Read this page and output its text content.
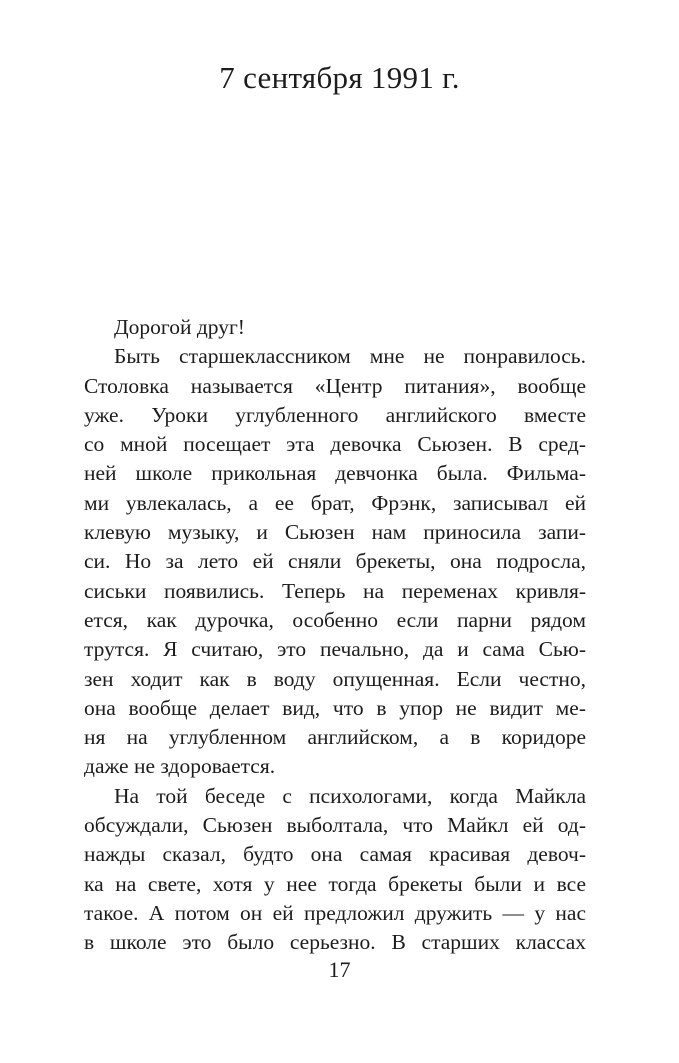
7 сентября 1991 г.
Дорогой друг!
Быть старшеклассником мне не понравилось.
Столовка называется «Центр питания», вообще
уже. Уроки углубленного английского вместе
со мной посещает эта девочка Сьюзен. В сред-
ней школе прикольная девчонка была. Фильма-
ми увлекалась, а ее брат, Фрэнк, записывал ей
клевую музыку, и Сьюзен нам приносила запи-
си. Но за лето ей сняли брекеты, она подросла,
сиськи появились. Теперь на переменах кривля-
ется, как дурочка, особенно если парни рядом
трутся. Я считаю, это печально, да и сама Сью-
зен ходит как в воду опущенная. Если честно,
она вообще делает вид, что в упор не видит ме-
ня на углубленном английском, а в коридоре
даже не здоровается.
На той беседе с психологами, когда Майкла
обсуждали, Сьюзен выболтала, что Майкл ей од-
нажды сказал, будто она самая красивая девоч-
ка на свете, хотя у нее тогда брекеты были и все
такое. А потом он ей предложил дружить — у нас
в школе это было серьезно. В старших классах
17
